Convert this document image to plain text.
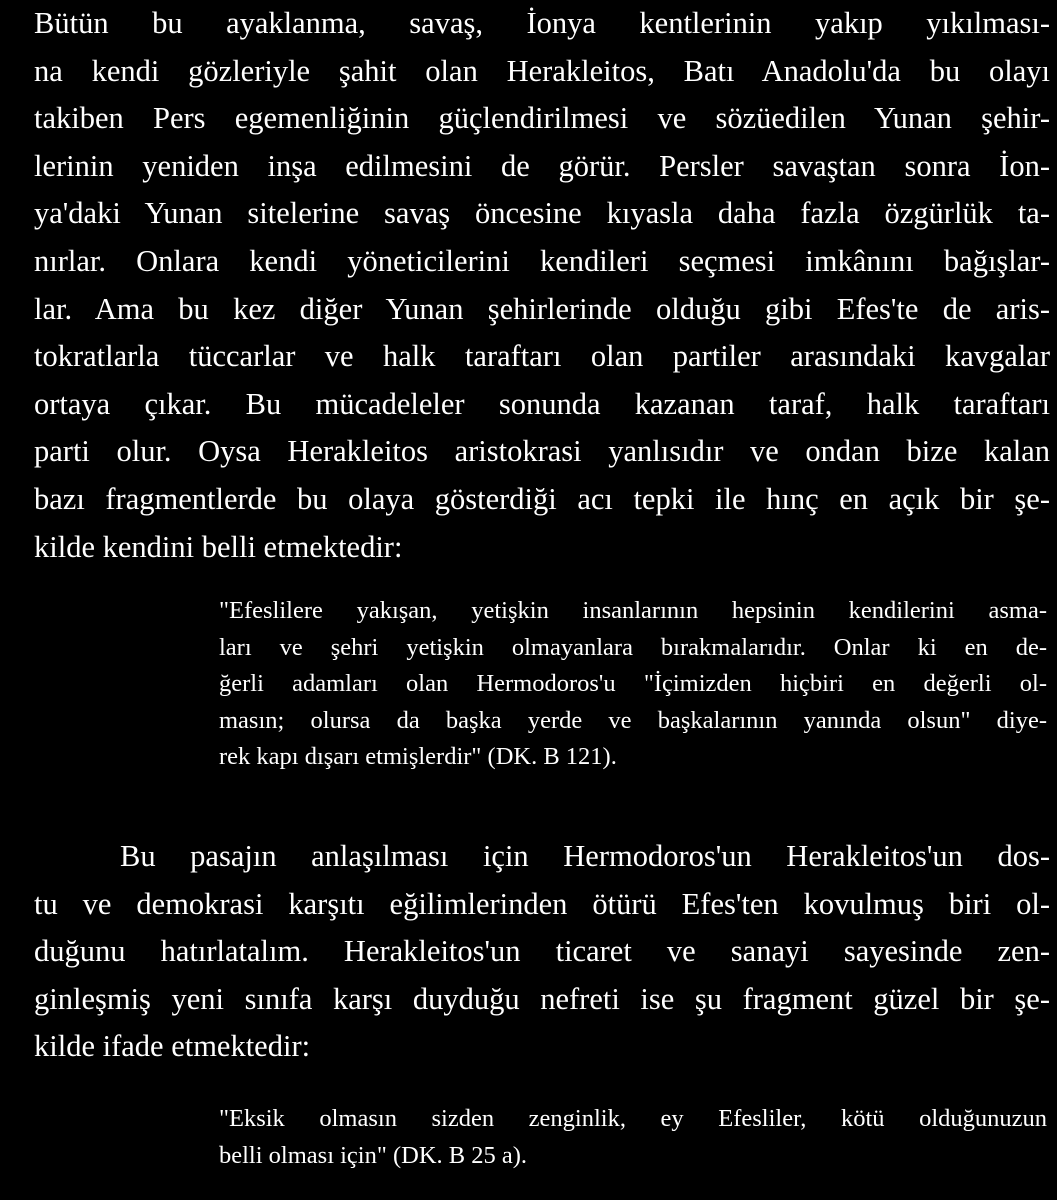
Bütün bu ayaklanma, savaş, İonya kentlerinin yakıp yıkılması-
na kendi gözleriyle şahit olan Herakleitos, Batı Anadolu'da bu olayı
takiben Pers egemenliğinin güçlendirilmesi ve sözüedilen Yunan şehir-
lerinin yeniden inşa edilmesini de görür. Persler savaştan sonra İon-
ya'daki Yunan sitelerine savaş öncesine kıyasla daha fazla özgürlük ta-
nırlar. Onlara kendi yöneticilerini kendileri seçmesi imkânını bağışlar-
lar. Ama bu kez diğer Yunan şehirlerinde olduğu gibi Efes'te de aris-
tokratlarla tüccarlar ve halk taraftarı olan partiler arasındaki kavgalar
ortaya çıkar. Bu mücadeleler sonunda kazanan taraf, halk taraftarı
parti olur. Oysa Herakleitos aristokrasi yanlısıdır ve ondan bize kalan
bazı fragmentlerde bu olaya gösterdiği acı tepki ile hınç en açık bir şe-
kilde kendini belli etmektedir:
"Efeslilere yakışan, yetişkin insanlarının hepsinin kendilerini asma-
ları ve şehri yetişkin olmayanlara bırakmalarıdır. Onlar ki en de-
ğerli adamları olan Hermodoros'u "İçimizden hiçbiri en değerli ol-
masın; olursa da başka yerde ve başkalarının yanında olsun" diye-
rek kapı dışarı etmişlerdir" (DK. B 121).
Bu pasajın anlaşılması için Hermodoros'un Herakleitos'un dos-
tu ve demokrasi karşıtı eğilimlerinden ötürü Efes'ten kovulmuş biri ol-
duğunu hatırlatalım. Herakleitos'un ticaret ve sanayi sayesinde zen-
ginleşmiş yeni sınıfa karşı duyduğu nefreti ise şu fragment güzel bir şe-
kilde ifade etmektedir:
"Eksik olmasın sizden zenginlik, ey Efesliler, kötü olduğunuzun
belli olması için" (DK. B 25 a).
